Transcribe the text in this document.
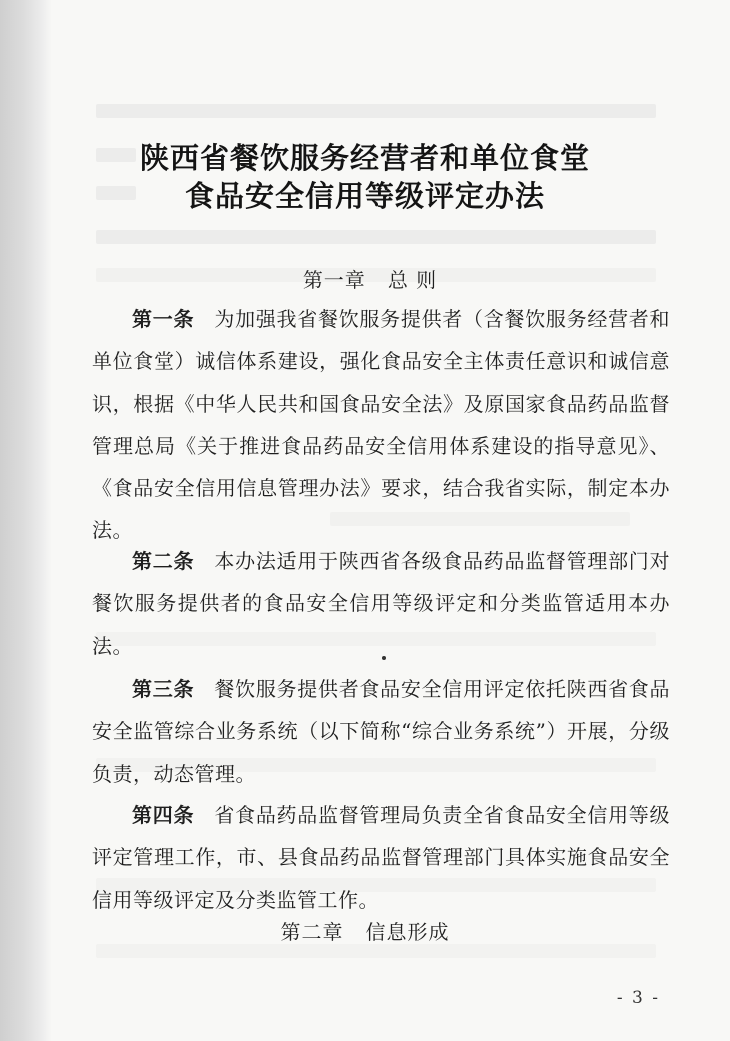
陕西省餐饮服务经营者和单位食堂
食品安全信用等级评定办法
第一章 总 则

第一条 为加强我省餐饮服务提供者（含餐饮服务经营者和单位食堂）诚信体系建设，强化食品安全主体责任意识和诚信意识，根据《中华人民共和国食品安全法》及原国家食品药品监督管理总局《关于推进食品药品安全信用体系建设的指导意见》、《食品安全信用信息管理办法》要求，结合我省实际，制定本办法。

第二条 本办法适用于陕西省各级食品药品监督管理部门对餐饮服务提供者的食品安全信用等级评定和分类监管适用本办法。

第三条 餐饮服务提供者食品安全信用评定依托陕西省食品安全监管综合业务系统（以下简称“综合业务系统”）开展，分级负责，动态管理。

第四条 省食品药品监督管理局负责全省食品安全信用等级评定管理工作，市、县食品药品监督管理部门具体实施食品安全信用等级评定及分类监管工作。

第二章 信息形成
- 3 -
